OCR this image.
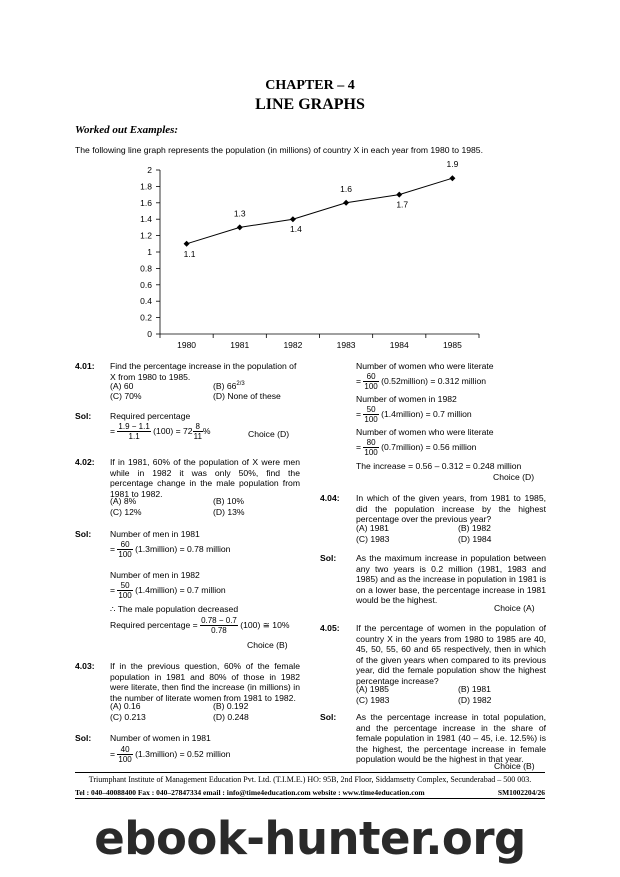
CHAPTER – 4
LINE GRAPHS
Worked out Examples:
The following line graph represents the population (in millions) of country X in each year from 1980 to 1985.
0
0.2
0.4
0.6
0.8
1
1.2
1.4
1.6
1.8
2
1980	1981	1982	1983	1984	1985
1.1
1.3
1.4
1.6
1.7
1.9
4.01: Find the percentage increase in the population of X from 1980 to 1985.
(A) 60	(B) $66^{2/3}$
(C) 70%	(D) None of these
Sol: Required percentage
= $\frac{1.9 - 1.1}{1.1} (100) = 72 \frac{8}{11}$ %	Choice (D)
4.02: If in 1981, 60% of the population of X were men while in 1982 it was only 50%, find the percentage change in the male population from 1981 to 1982.
(A) 8%	(B) 10%
(C) 12%	(D) 13%
Sol: Number of men in 1981
= $\frac{60}{100}$ (1.3million) = 0.78 million
Number of men in 1982
= $\frac{50}{100}$ (1.4million) = 0.7 million
∴ The male population decreased
Required percentage = $\frac{0.78 - 0.7}{0.78} (100)$ ≅ 10%
Choice (B)
4.03: If in the previous question, 60% of the female population in 1981 and 80% of those in 1982 were literate, then find the increase (in millions) in the number of literate women from 1981 to 1982.
(A) 0.16	(B) 0.192
(C) 0.213	(D) 0.248
Sol: Number of women in 1981
= $\frac{40}{100}$ (1.3million) = 0.52 million
Number of women who were literate
= $\frac{60}{100}$ (0.52million) = 0.312 million
Number of women in 1982
= $\frac{50}{100}$ (1.4million) = 0.7 million
Number of women who were literate
= $\frac{80}{100}$ (0.7million) = 0.56 million
The increase = 0.56 – 0.312 = 0.248 million
Choice (D)
4.04: In which of the given years, from 1981 to 1985, did the population increase by the highest percentage over the previous year?
(A) 1981	(B) 1982
(C) 1983	(D) 1984
Sol: As the maximum increase in population between any two years is 0.2 million (1981, 1983 and 1985) and as the increase in population in 1981 is on a lower base, the percentage increase in 1981 would be the highest.
Choice (A)
4.05: If the percentage of women in the population of country X in the years from 1980 to 1985 are 40, 45, 50, 55, 60 and 65 respectively, then in which of the given years when compared to its previous year, did the female population show the highest percentage increase?
(A) 1985	(B) 1981
(C) 1983	(D) 1982
Sol: As the percentage increase in total population, and the percentage increase in the share of female population in 1981 (40 – 45, i.e. 12.5%) is the highest, the percentage increase in female population would be the highest in that year.
Choice (B)
Triumphant Institute of Management Education Pvt. Ltd. (T.I.M.E.) HO: 95B, 2nd Floor, Siddamsetty Complex, Secunderabad – 500 003.
Tel : 040–40088400 Fax : 040–27847334 email : info@time4education.com website : www.time4education.com	SM1002204/26
ebook-hunter.org
